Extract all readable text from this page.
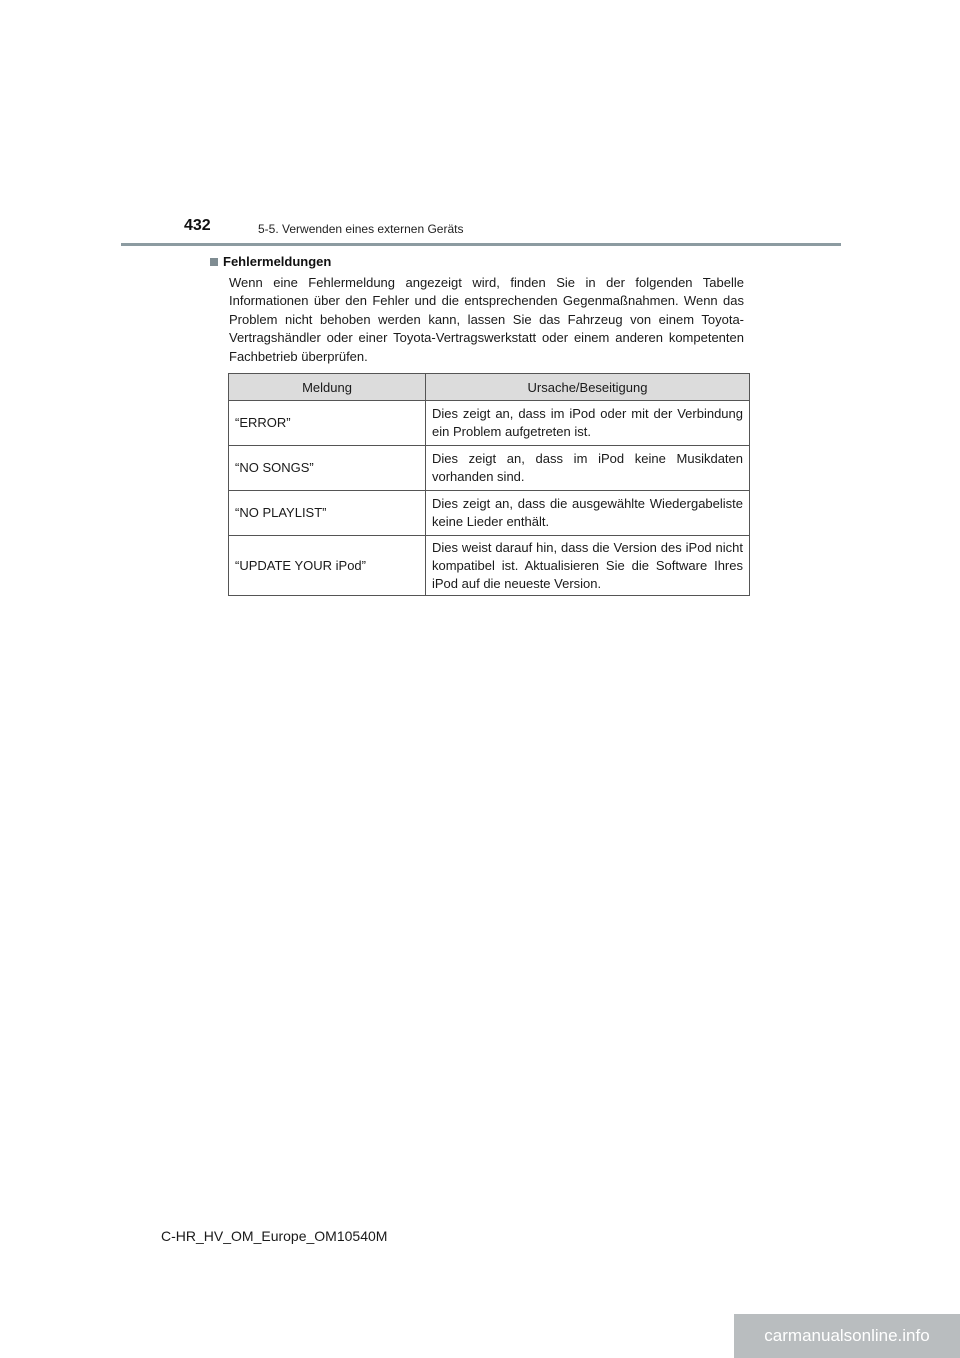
432	5-5. Verwenden eines externen Geräts
Fehlermeldungen
Wenn eine Fehlermeldung angezeigt wird, finden Sie in der folgenden Tabelle Informationen über den Fehler und die entsprechenden Gegenmaßnahmen. Wenn das Problem nicht behoben werden kann, lassen Sie das Fahrzeug von einem Toyota-Vertragshändler oder einer Toyota-Vertragswerkstatt oder einem anderen kompetenten Fachbetrieb überprüfen.
Meldung	Ursache/Beseitigung
“ERROR”	Dies zeigt an, dass im iPod oder mit der Verbindung ein Problem aufgetreten ist.
“NO SONGS”	Dies zeigt an, dass im iPod keine Musikdaten vorhanden sind.
“NO PLAYLIST”	Dies zeigt an, dass die ausgewählte Wiedergabeliste keine Lieder enthält.
“UPDATE YOUR iPod”	Dies weist darauf hin, dass die Version des iPod nicht kompatibel ist. Aktualisieren Sie die Software Ihres iPod auf die neueste Version.
C-HR_HV_OM_Europe_OM10540M
carmanualsonline.info
